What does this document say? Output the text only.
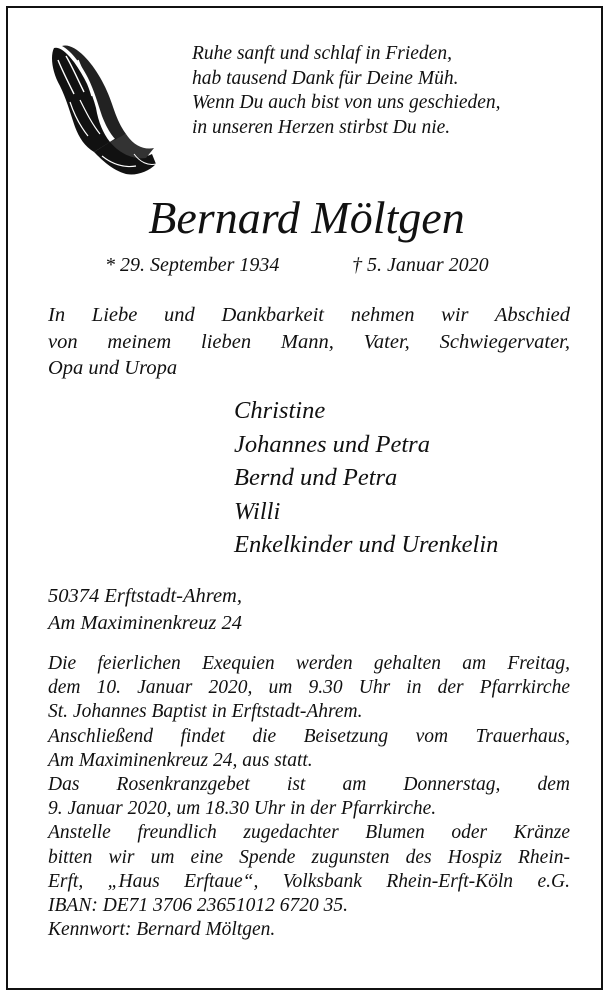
Ruhe sanft und schlaf in Frieden,
hab tausend Dank für Deine Müh.
Wenn Du auch bist von uns geschieden,
in unseren Herzen stirbst Du nie.
Bernard Möltgen
* 29. September 1934	† 5. Januar 2020
In Liebe und Dankbarkeit nehmen wir Abschied
von meinem lieben Mann, Vater, Schwiegervater,
Opa und Uropa
Christine
Johannes und Petra
Bernd und Petra
Willi
Enkelkinder und Urenkelin
50374 Erftstadt-Ahrem,
Am Maximinenkreuz 24
Die feierlichen Exequien werden gehalten am Freitag,
dem 10. Januar 2020, um 9.30 Uhr in der Pfarrkirche
St. Johannes Baptist in Erftstadt-Ahrem.
Anschließend findet die Beisetzung vom Trauerhaus,
Am Maximinenkreuz 24, aus statt.
Das Rosenkranzgebet ist am Donnerstag, dem
9. Januar 2020, um 18.30 Uhr in der Pfarrkirche.
Anstelle freundlich zugedachter Blumen oder Kränze
bitten wir um eine Spende zugunsten des Hospiz Rhein-
Erft, „Haus Erftaue“, Volksbank Rhein-Erft-Köln e.G.
IBAN: DE71 3706 23651012 6720 35.
Kennwort: Bernard Möltgen.
